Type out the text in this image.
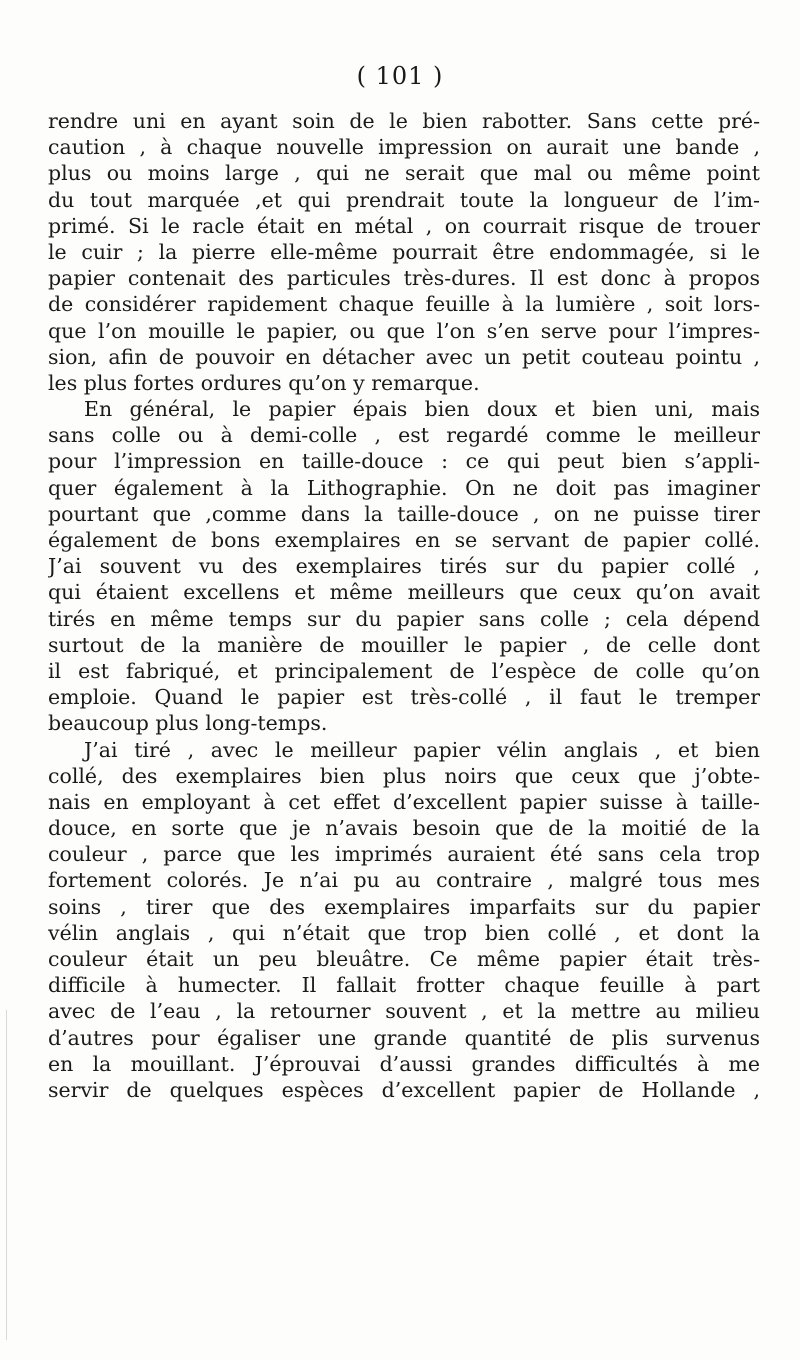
( 101 )
rendre uni en ayant soin de le bien rabotter. Sans cette pré-
caution , à chaque nouvelle impression on aurait une bande ,
plus ou moins large , qui ne serait que mal ou même point
du tout marquée ,et qui prendrait toute la longueur de l’im-
primé. Si le racle était en métal , on courrait risque de trouer
le cuir ; la pierre elle-même pourrait être endommagée, si le
papier contenait des particules très-dures. Il est donc à propos
de considérer rapidement chaque feuille à la lumière , soit lors-
que l’on mouille le papier, ou que l’on s’en serve pour l’impres-
sion, afin de pouvoir en détacher avec un petit couteau pointu ,
les plus fortes ordures qu’on y remarque.
En général, le papier épais bien doux et bien uni, mais
sans colle ou à demi-colle , est regardé comme le meilleur
pour l’impression en taille-douce : ce qui peut bien s’appli-
quer également à la Lithographie. On ne doit pas imaginer
pourtant que ,comme dans la taille-douce , on ne puisse tirer
également de bons exemplaires en se servant de papier collé.
J’ai souvent vu des exemplaires tirés sur du papier collé ,
qui étaient excellens et même meilleurs que ceux qu’on avait
tirés en même temps sur du papier sans colle ; cela dépend
surtout de la manière de mouiller le papier , de celle dont
il est fabriqué, et principalement de l’espèce de colle qu’on
emploie. Quand le papier est très-collé , il faut le tremper
beaucoup plus long-temps.
J’ai tiré , avec le meilleur papier vélin anglais , et bien
collé, des exemplaires bien plus noirs que ceux que j’obte-
nais en employant à cet effet d’excellent papier suisse à taille-
douce, en sorte que je n’avais besoin que de la moitié de la
couleur , parce que les imprimés auraient été sans cela trop
fortement colorés. Je n’ai pu au contraire , malgré tous mes
soins , tirer que des exemplaires imparfaits sur du papier
vélin anglais , qui n’était que trop bien collé , et dont la
couleur était un peu bleuâtre. Ce même papier était très-
difficile à humecter. Il fallait frotter chaque feuille à part
avec de l’eau , la retourner souvent , et la mettre au milieu
d’autres pour égaliser une grande quantité de plis survenus
en la mouillant. J’éprouvai d’aussi grandes difficultés à me
servir de quelques espèces d’excellent papier de Hollande ,
